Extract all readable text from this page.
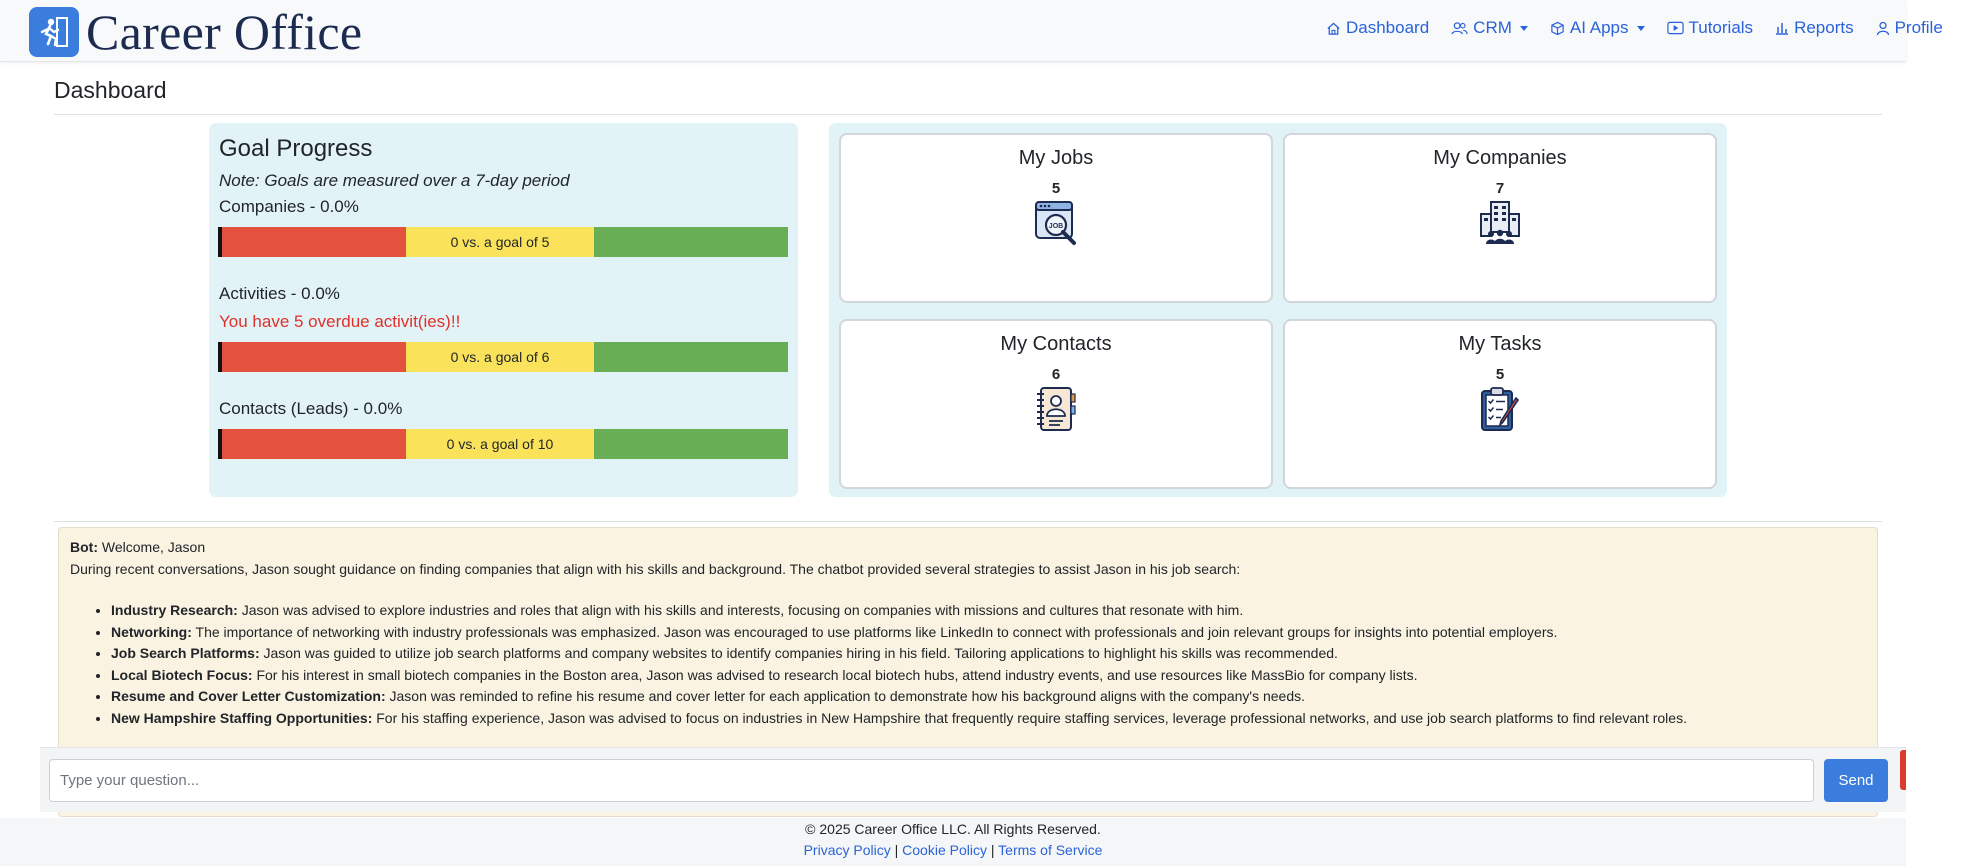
Career Office	Dashboard	CRM	AI Apps	Tutorials Reports Profile
Dashboard
Goal Progress
Note: Goals are measured over a 7-day period
Companies - 0.0%
0 vs. a goal of 5
Activities - 0.0%
You have 5 overdue activit(ies)!!
0 vs. a goal of 6
Contacts (Leads) - 0.0%
0 vs. a goal of 10
My Jobs
5
JOB
My Companies
7
My Contacts
6
My Tasks
5
Bot: Welcome, Jason
During recent conversations, Jason sought guidance on finding companies that align with his skills and background. The chatbot provided several strategies to assist Jason in his job search:
• Industry Research: Jason was advised to explore industries and roles that align with his skills and interests, focusing on companies with missions and cultures that resonate with him.
• Networking: The importance of networking with industry professionals was emphasized. Jason was encouraged to use platforms like LinkedIn to connect with professionals and join relevant groups for insights into potential employers.
• Job Search Platforms: Jason was guided to utilize job search platforms and company websites to identify companies hiring in his field. Tailoring applications to highlight his skills was recommended.
• Local Biotech Focus: For his interest in small biotech companies in the Boston area, Jason was advised to research local biotech hubs, attend industry events, and use resources like MassBio for company lists.
• Resume and Cover Letter Customization: Jason was reminded to refine his resume and cover letter for each application to demonstrate how his background aligns with the company's needs.
• New Hampshire Staffing Opportunities: For his staffing experience, Jason was advised to focus on industries in New Hampshire that frequently require staffing services, leverage professional networks, and use job search platforms to find relevant roles.
Type your question...
Send
© 2025 Career Office LLC. All Rights Reserved.
Privacy Policy | Cookie Policy | Terms of Service
